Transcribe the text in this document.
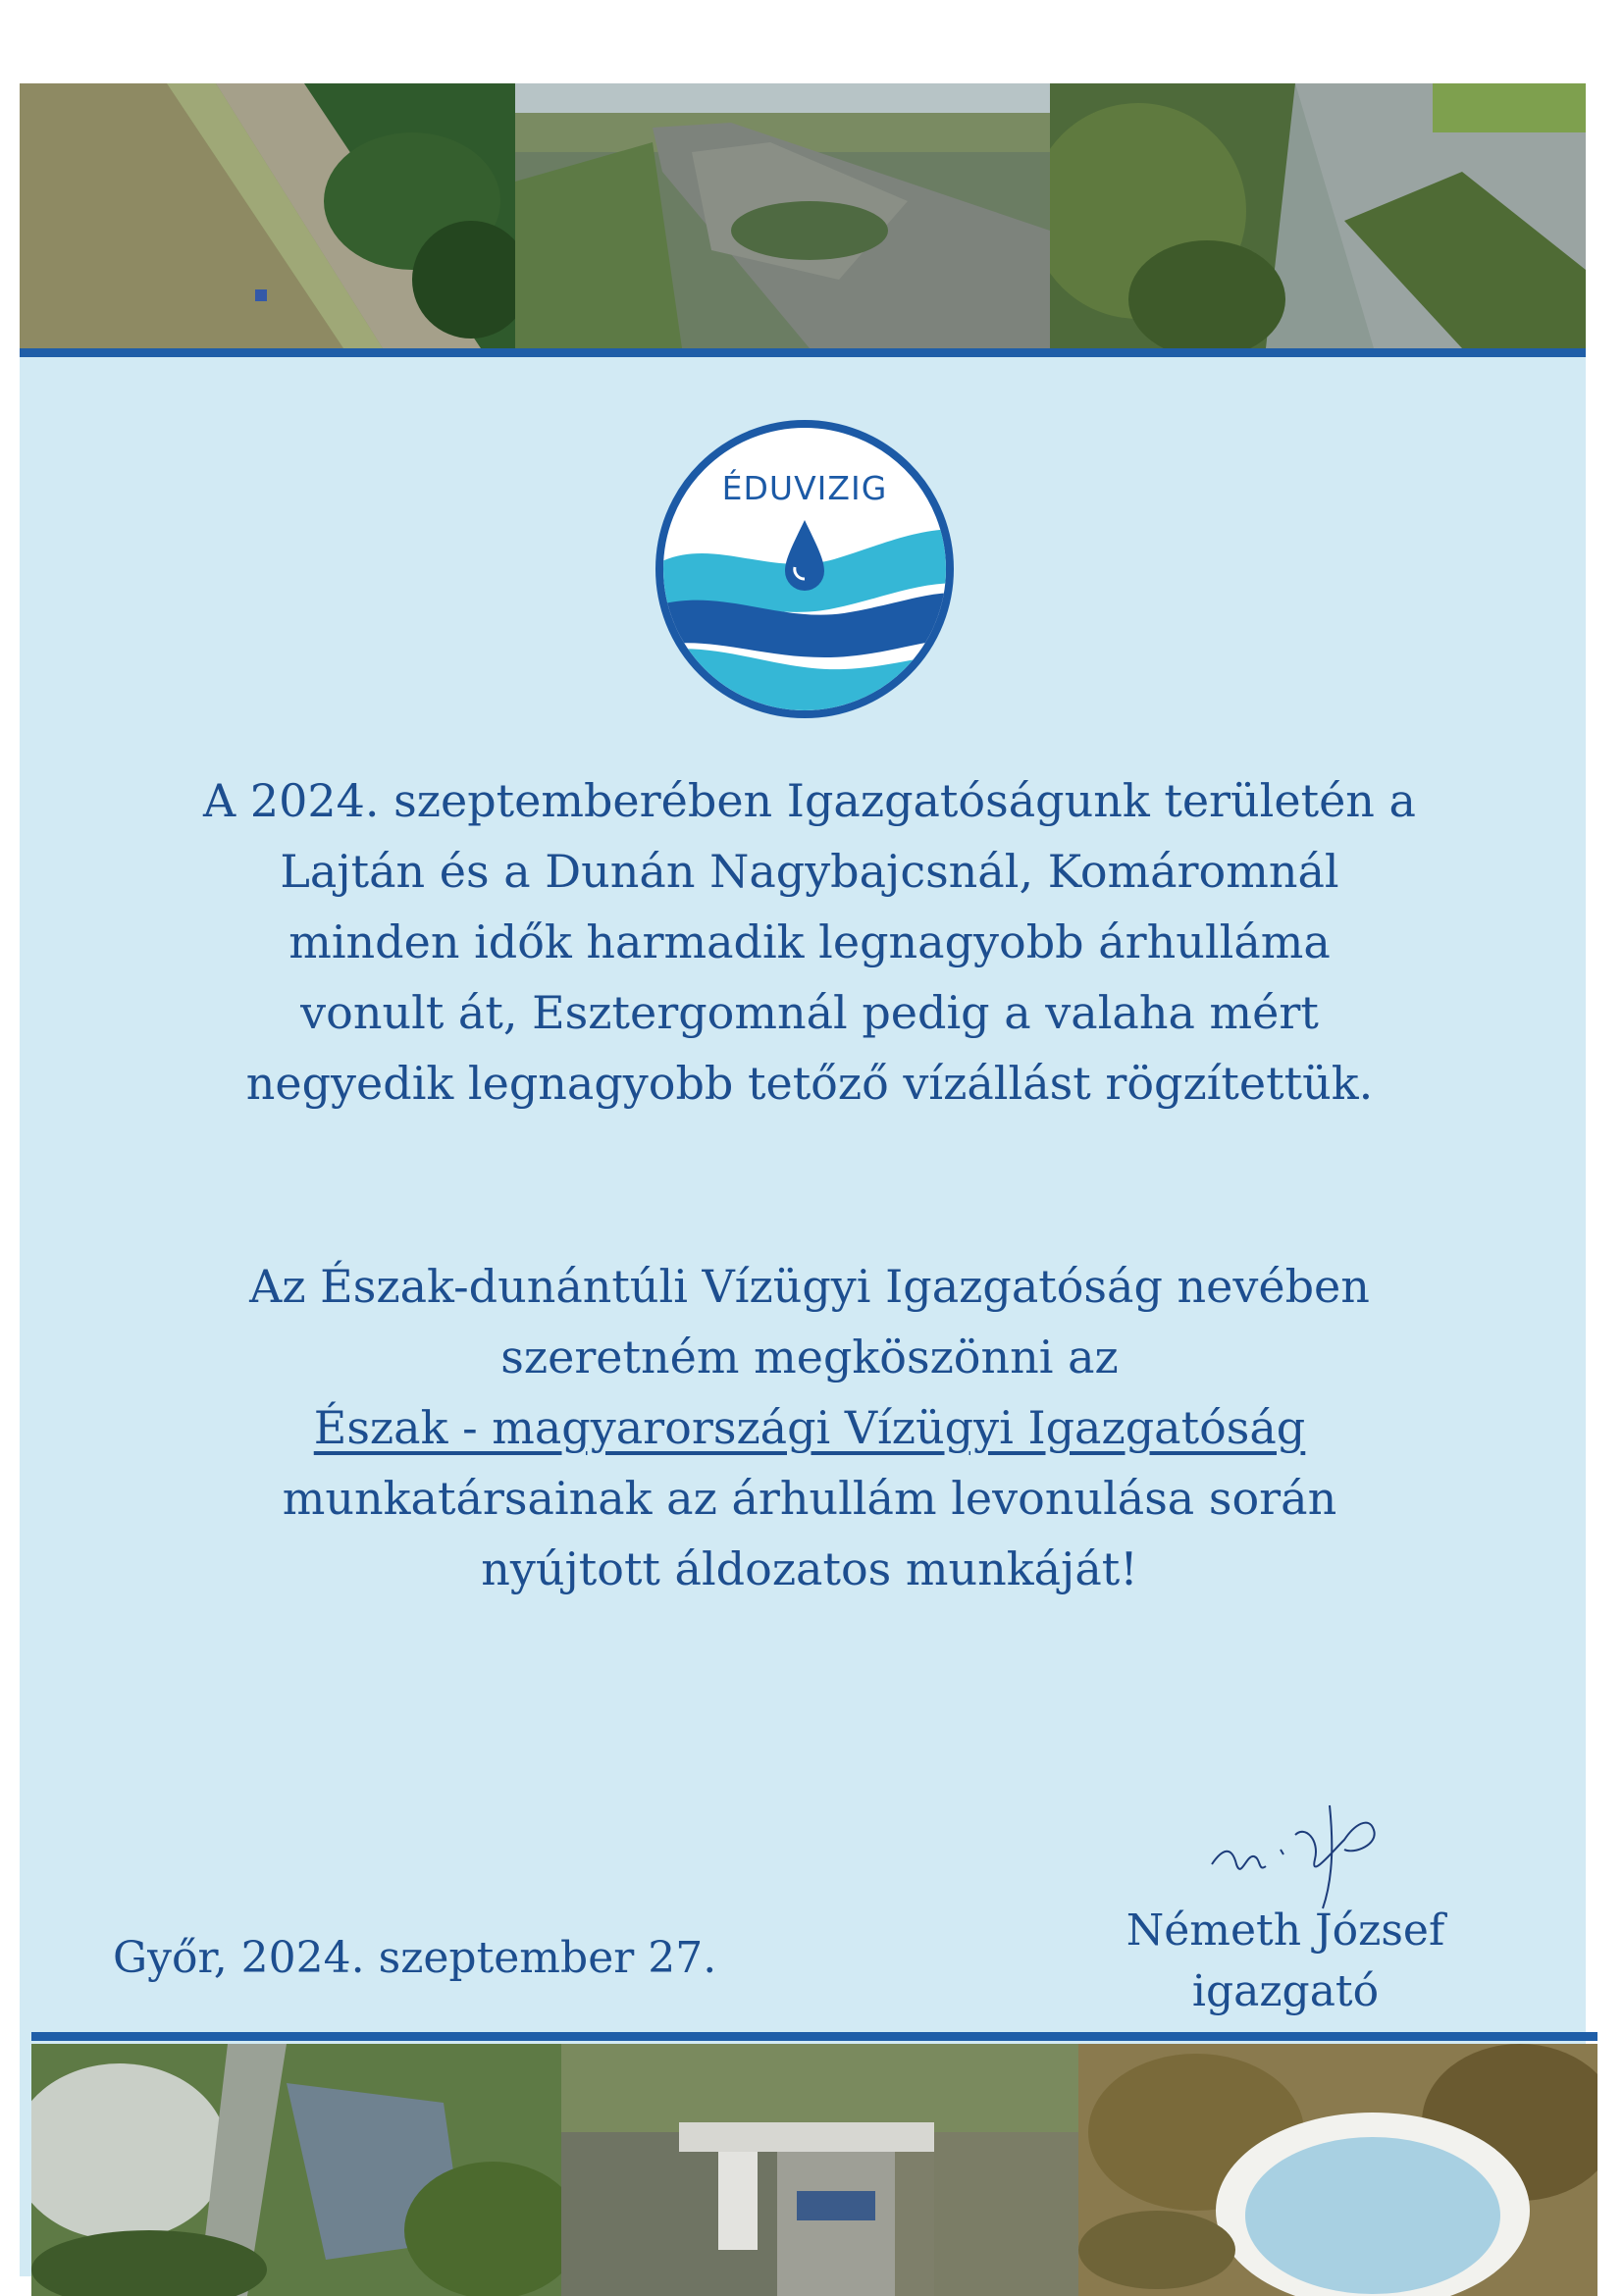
ÉDUVIZIG
A 2024. szeptemberében Igazgatóságunk területén a
Lajtán és a Dunán Nagybajcsnál, Komáromnál
minden idők harmadik legnagyobb árhulláma
vonult át, Esztergomnál pedig a valaha mért
negyedik legnagyobb tetőző vízállást rögzítettük.
Az Észak-dunántúli Vízügyi Igazgatóság nevében
szeretném megköszönni az
Észak - magyarországi Vízügyi Igazgatóság
munkatársainak az árhullám levonulása során
nyújtott áldozatos munkáját!
Győr, 2024. szeptember 27.
Németh József
igazgató
